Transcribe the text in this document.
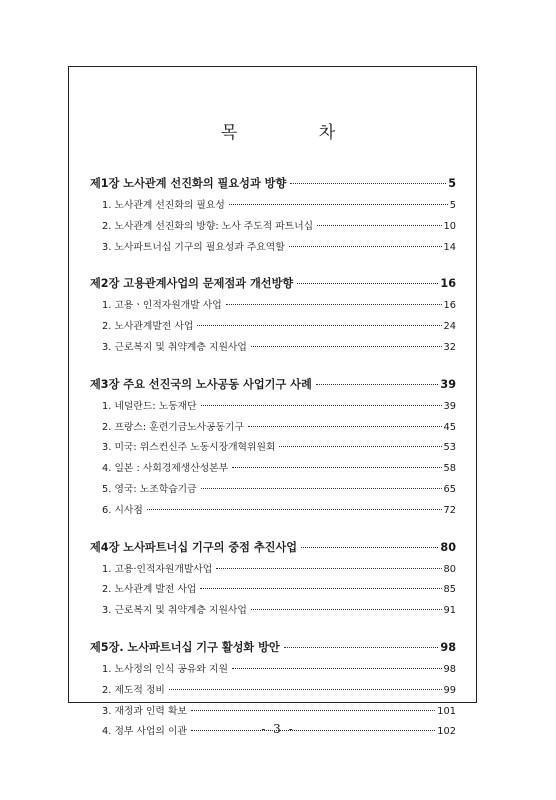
목 차
제1장 노사관계 선진화의 필요성과 방향	5
1. 노사관계 선진화의 필요성	5
2. 노사관계 선진화의 방향: 노사 주도적 파트너십	10
3. 노사파트너십 기구의 필요성과 주요역할	14
제2장 고용관계사업의 문제점과 개선방향	16
1. 고용ㆍ인적자원개발 사업	16
2. 노사관계발전 사업	24
3. 근로복지 및 취약계층 지원사업	32
제3장 주요 선진국의 노사공동 사업기구 사례	39
1. 네덜란드: 노동재단	39
2. 프랑스: 훈련기금노사공동기구	45
3. 미국: 위스컨신주 노동시장개혁위원회	53
4. 일본 : 사회경제생산성본부	58
5. 영국: 노조학습기금	65
6. 시사점	72
제4장 노사파트너십 기구의 중점 추진사업	80
1. 고용·인적자원개발사업	80
2. 노사관계 발전 사업	85
3. 근로복지 및 취약계층 지원사업	91
제5장. 노사파트너십 기구 활성화 방안	98
1. 노사정의 인식 공유와 지원	98
2. 제도적 정비	99
3. 재정과 인력 확보	101
4. 정부 사업의 이관	102
- 3 -
